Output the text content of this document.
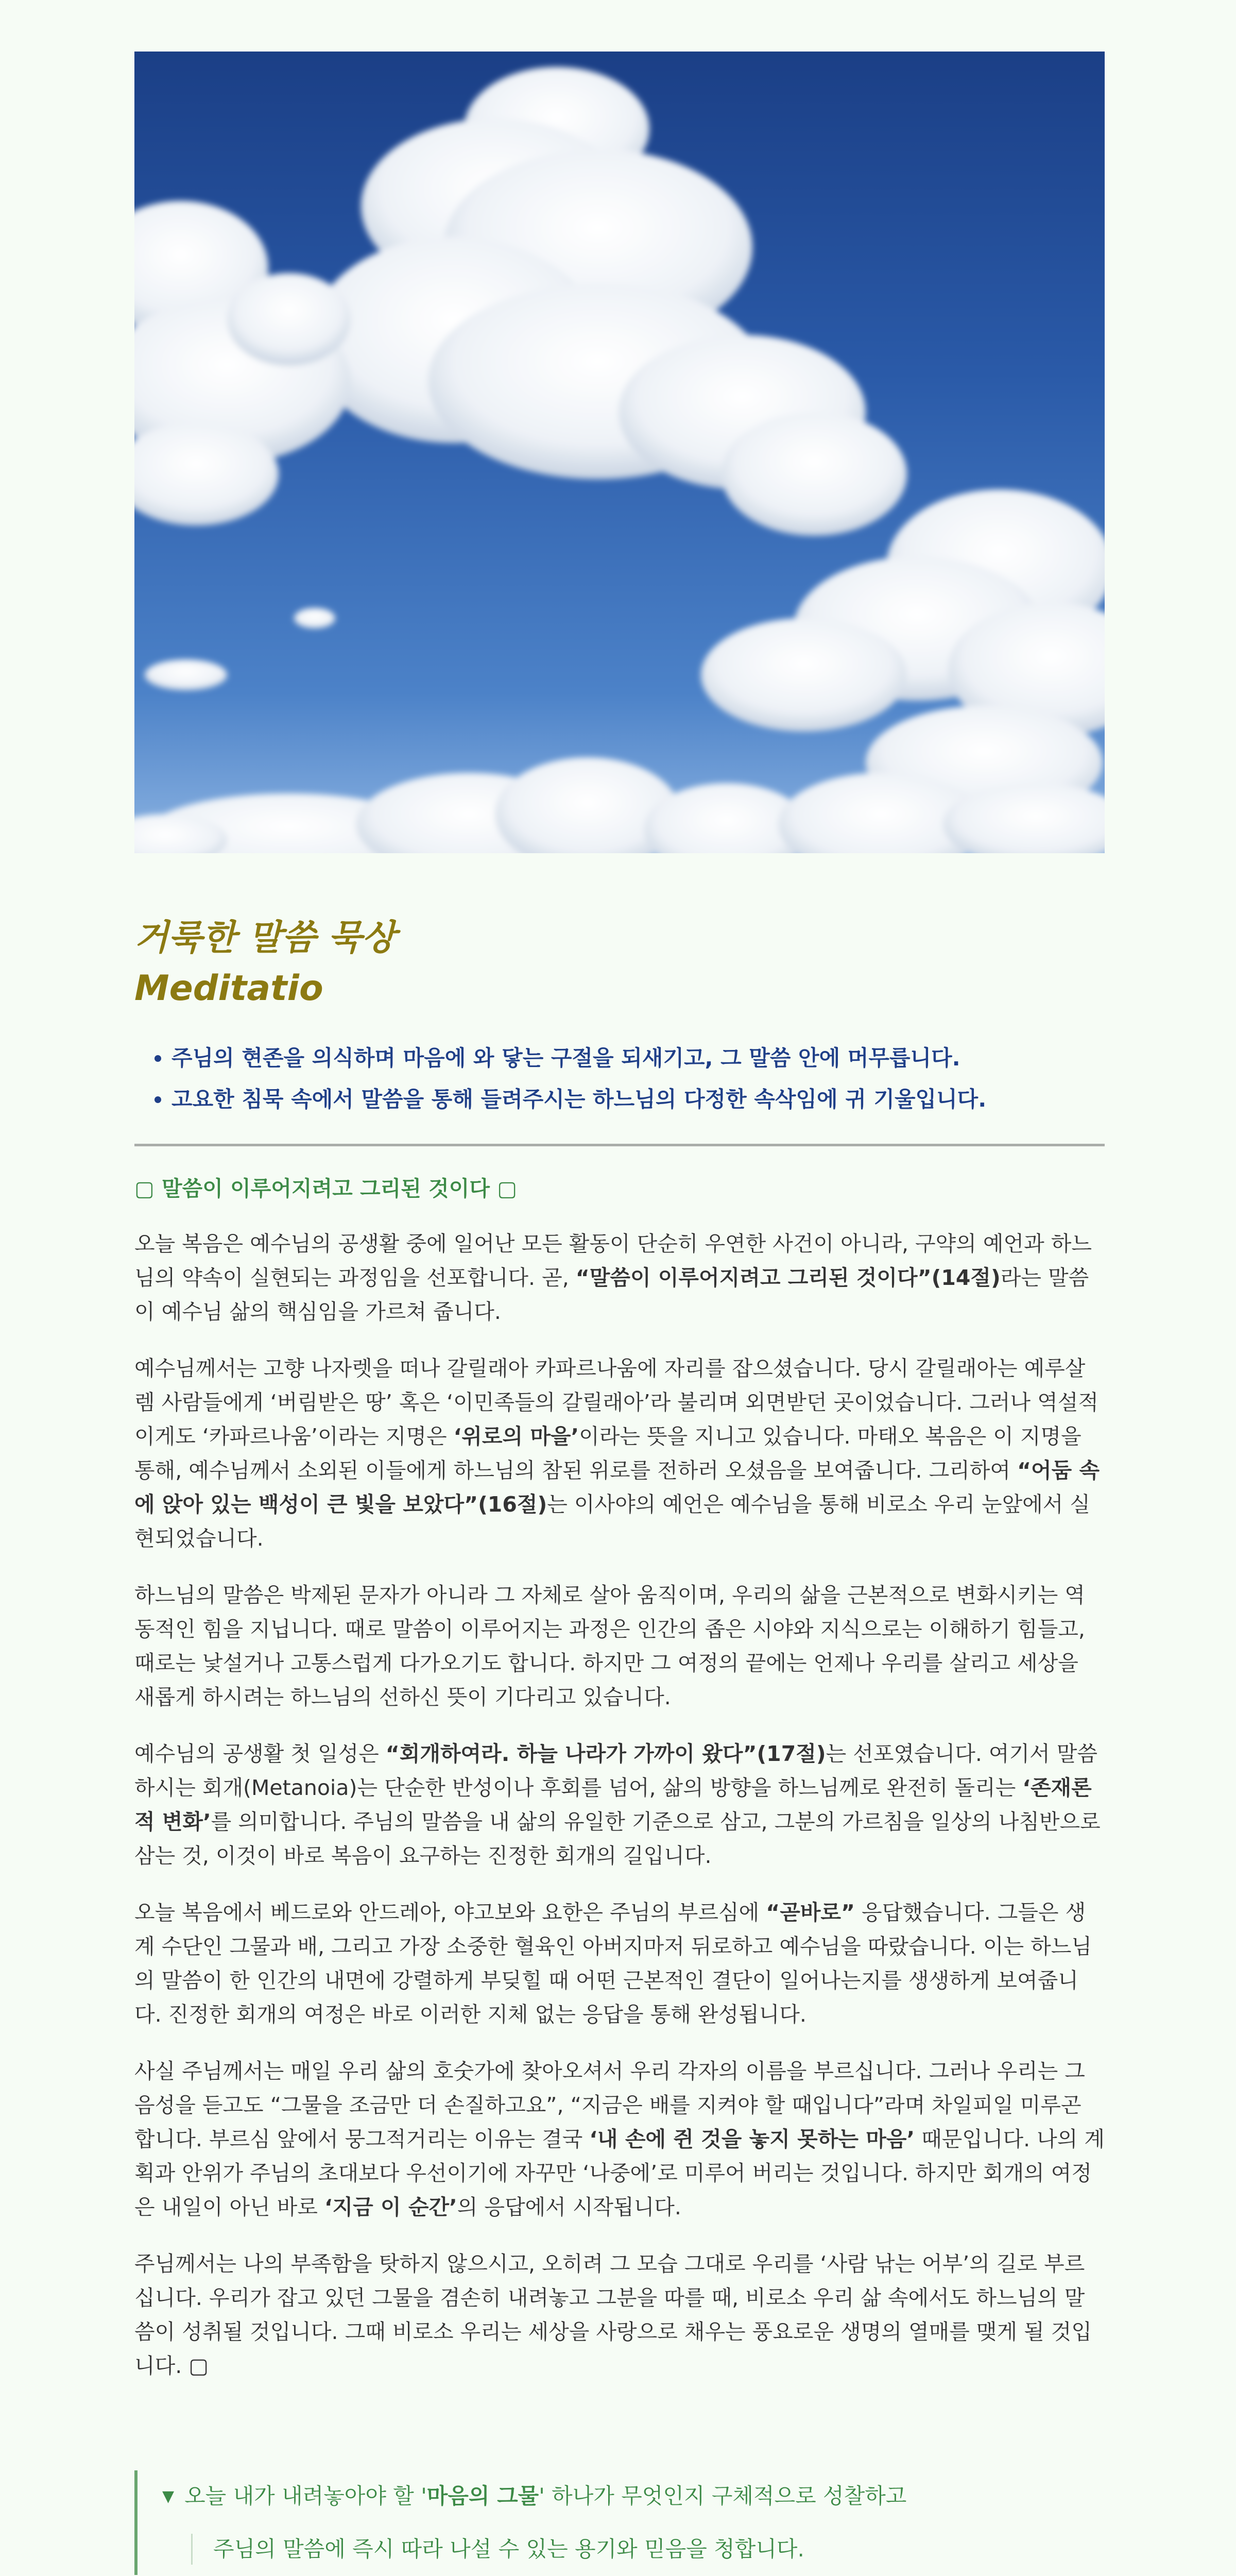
거룩한 말씀 묵상
Meditatio
• 주님의 현존을 의식하며 마음에 와 닿는 구절을 되새기고, 그 말씀 안에 머무릅니다.
• 고요한 침묵 속에서 말씀을 통해 들려주시는 하느님의 다정한 속삭임에 귀 기울입니다.
▢ 말씀이 이루어지려고 그리된 것이다 ▢

오늘 복음은 예수님의 공생활 중에 일어난 모든 활동이 단순히 우연한 사건이 아니라, 구약의 예언과 하느님의 약속이 실현되는 과정임을 선포합니다. 곧, “말씀이 이루어지려고 그리된 것이다”(14절)라는 말씀이 예수님 삶의 핵심임을 가르쳐 줍니다.

예수님께서는 고향 나자렛을 떠나 갈릴래아 카파르나움에 자리를 잡으셨습니다. 당시 갈릴래아는 예루살렘 사람들에게 ‘버림받은 땅’ 혹은 ‘이민족들의 갈릴래아’라 불리며 외면받던 곳이었습니다. 그러나 역설적이게도 ‘카파르나움’이라는 지명은 ‘위로의 마을’이라는 뜻을 지니고 있습니다. 마태오 복음은 이 지명을 통해, 예수님께서 소외된 이들에게 하느님의 참된 위로를 전하러 오셨음을 보여줍니다. 그리하여 “어둠 속에 앉아 있는 백성이 큰 빛을 보았다”(16절)는 이사야의 예언은 예수님을 통해 비로소 우리 눈앞에서 실현되었습니다.

하느님의 말씀은 박제된 문자가 아니라 그 자체로 살아 움직이며, 우리의 삶을 근본적으로 변화시키는 역동적인 힘을 지닙니다. 때로 말씀이 이루어지는 과정은 인간의 좁은 시야와 지식으로는 이해하기 힘들고, 때로는 낯설거나 고통스럽게 다가오기도 합니다. 하지만 그 여정의 끝에는 언제나 우리를 살리고 세상을 새롭게 하시려는 하느님의 선하신 뜻이 기다리고 있습니다.

예수님의 공생활 첫 일성은 “회개하여라. 하늘 나라가 가까이 왔다”(17절)는 선포였습니다. 여기서 말씀하시는 회개(Metanoia)는 단순한 반성이나 후회를 넘어, 삶의 방향을 하느님께로 완전히 돌리는 ‘존재론적 변화’를 의미합니다. 주님의 말씀을 내 삶의 유일한 기준으로 삼고, 그분의 가르침을 일상의 나침반으로 삼는 것, 이것이 바로 복음이 요구하는 진정한 회개의 길입니다.

오늘 복음에서 베드로와 안드레아, 야고보와 요한은 주님의 부르심에 “곧바로” 응답했습니다. 그들은 생계 수단인 그물과 배, 그리고 가장 소중한 혈육인 아버지마저 뒤로하고 예수님을 따랐습니다. 이는 하느님의 말씀이 한 인간의 내면에 강렬하게 부딪힐 때 어떤 근본적인 결단이 일어나는지를 생생하게 보여줍니다. 진정한 회개의 여정은 바로 이러한 지체 없는 응답을 통해 완성됩니다.

사실 주님께서는 매일 우리 삶의 호숫가에 찾아오셔서 우리 각자의 이름을 부르십니다. 그러나 우리는 그 음성을 듣고도 “그물을 조금만 더 손질하고요”, “지금은 배를 지켜야 할 때입니다”라며 차일피일 미루곤 합니다. 부르심 앞에서 뭉그적거리는 이유는 결국 ‘내 손에 쥔 것을 놓지 못하는 마음’ 때문입니다. 나의 계획과 안위가 주님의 초대보다 우선이기에 자꾸만 ‘나중에’로 미루어 버리는 것입니다. 하지만 회개의 여정은 내일이 아닌 바로 ‘지금 이 순간’의 응답에서 시작됩니다.

주님께서는 나의 부족함을 탓하지 않으시고, 오히려 그 모습 그대로 우리를 ‘사람 낚는 어부’의 길로 부르십니다. 우리가 잡고 있던 그물을 겸손히 내려놓고 그분을 따를 때, 비로소 우리 삶 속에서도 하느님의 말씀이 성취될 것입니다. 그때 비로소 우리는 세상을 사랑으로 채우는 풍요로운 생명의 열매를 맺게 될 것입니다. ▢

▼ 오늘 내가 내려놓아야 할 '마음의 그물' 하나가 무엇인지 구체적으로 성찰하고
주님의 말씀에 즉시 따라 나설 수 있는 용기와 믿음을 청합니다.
